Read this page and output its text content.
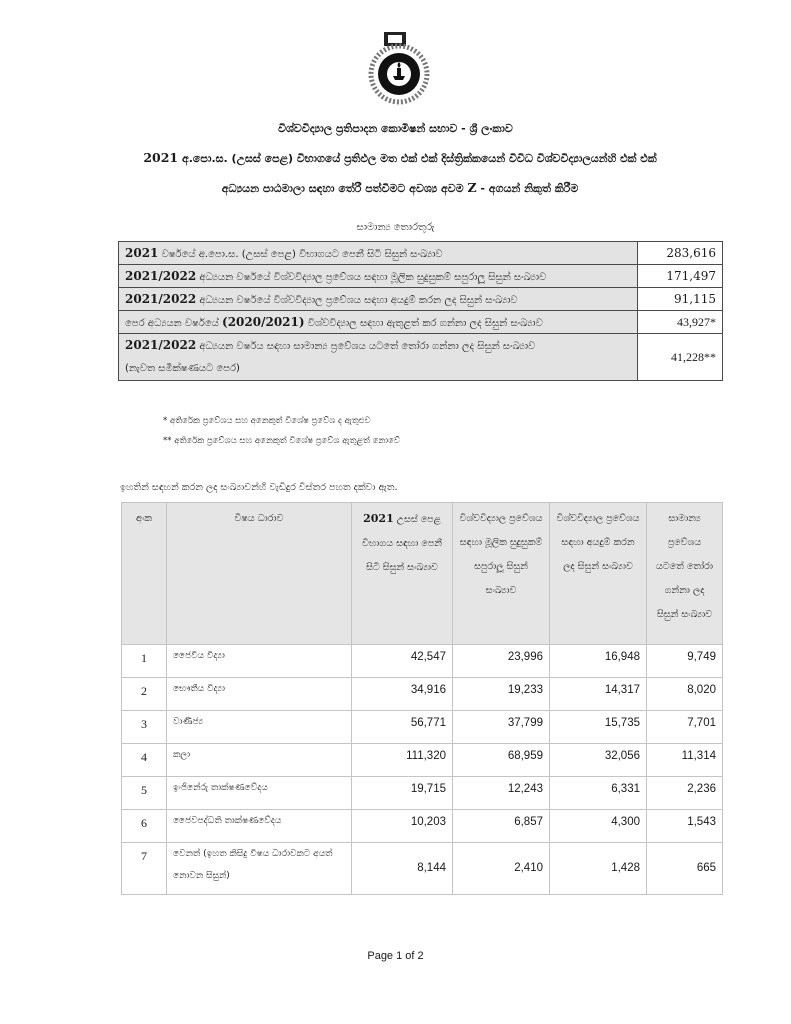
විශ්වවිද්‍යාල ප්‍රතිපාදන කොමිෂන් සභාව - ශ්‍රී ලංකාව
2021 අ.පො.ස. (උසස් පෙළ) විභාගයේ ප්‍රතිඵල මත එක් එක් දිස්ත්‍රික්කයෙන් විවිධ විශ්වවිද්‍යාලයන්හි එක් එක්
අධ්‍යයන පාඨමාලා සඳහා තේරී පත්වීමට අවශ්‍ය අවම Z - අගයන් නිකුත් කිරීම
සාමාන්‍ය තොරතුරු
2021 වර්ෂයේ අ.පො.ස. (උසස් පෙළ) විභාගයට පෙනී සිටි සිසුන් සංඛ්‍යාව	283,616
2021/2022 අධ්‍යයන වර්ෂයේ විශ්වවිද්‍යාල ප්‍රවේශය සඳහා මූලික සුදුසුකම් සපුරාලූ සිසුන් සංඛ්‍යාව	171,497
2021/2022 අධ්‍යයන වර්ෂයේ විශ්වවිද්‍යාල ප්‍රවේශය සඳහා අයදුම් කරන ලද සිසුන් සංඛ්‍යාව	91,115
පෙර අධ්‍යයන වර්ෂයේ (2020/2021) විශ්වවිද්‍යාල සඳහා ඇතුළත් කර ගන්නා ලද සිසුන් සංඛ්‍යාව	43,927*
2021/2022 අධ්‍යයන වර්ෂය සඳහා සාමාන්‍ය ප්‍රවේශය යටතේ තෝරා ගන්නා ලද සිසුන් සංඛ්‍යාව
(නැවත සමීක්ෂණයට පෙර)	41,228**
* අතිරේක ප්‍රවේශය සහ අනෙකුත් විශේෂ ප්‍රවේශ ද ඇතුළුව
** අතිරේක ප්‍රවේශය සහ අනෙකුත් විශේෂ ප්‍රවේශ ඇතුළත් නොවේ
ඉහතින් සඳහන් කරන ලද සංඛ්‍යාවන්හි වැඩිදුර විස්තර පහත දක්වා ඇත.
අංක	විෂය ධාරාව	2021 උසස් පෙළ විභාගය සඳහා පෙනී සිටි සිසුන් සංඛ්‍යාව	විශ්වවිද්‍යාල ප්‍රවේශය සඳහා මූලික සුදුසුකම් සපුරාලූ සිසුන් සංඛ්‍යාව	විශ්වවිද්‍යාල ප්‍රවේශය සඳහා අයදුම් කරන ලද සිසුන් සංඛ්‍යාව	සාමාන්‍ය ප්‍රවේශය යටතේ තෝරා ගන්නා ලද සිසුන් සංඛ්‍යාව
1	ජෛවීය විද්‍යා	42,547	23,996	16,948	9,749
2	භෞතීය විද්‍යා	34,916	19,233	14,317	8,020
3	වාණිජ්‍ය	56,771	37,799	15,735	7,701
4	කලා	111,320	68,959	32,056	11,314
5	ඉංජිනේරු තාක්ෂණවේදය	19,715	12,243	6,331	2,236
6	ජෛවපද්ධති තාක්ෂණවේදය	10,203	6,857	4,300	1,543
7	වෙනත් (ඉහත කිසිදු විෂය ධාරාවකට අයත් නොවන සිසුන්)	8,144	2,410	1,428	665
Page 1 of 2
